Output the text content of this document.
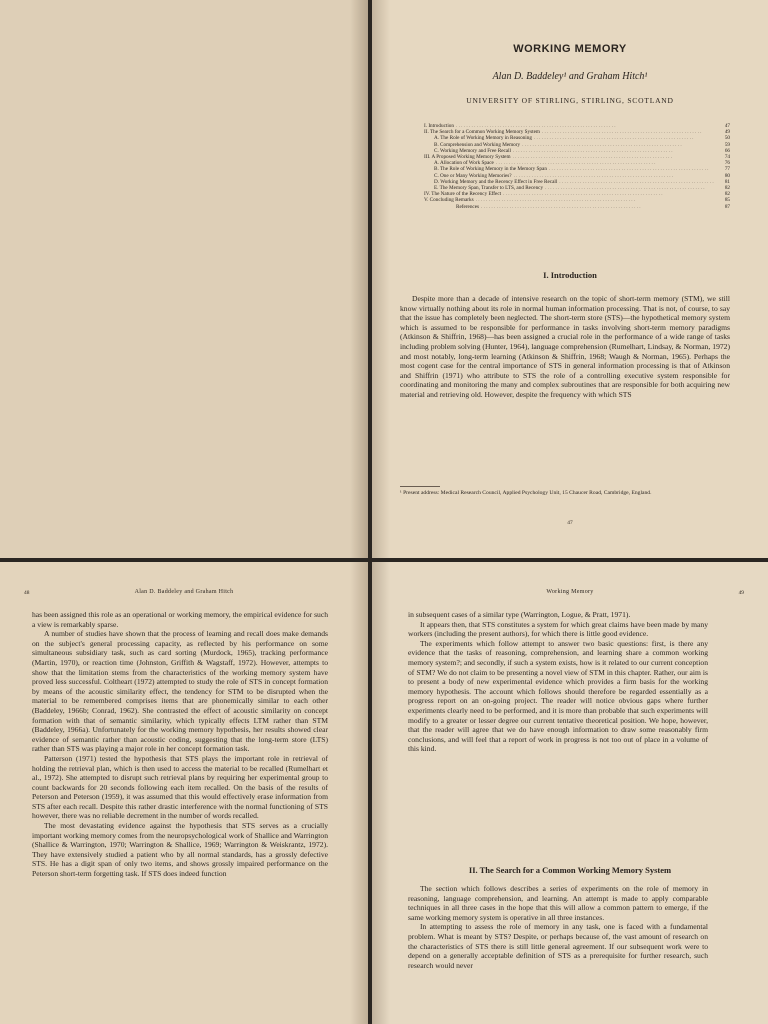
WORKING MEMORY
Alan D. Baddeley¹ and Graham Hitch¹
UNIVERSITY OF STIRLING, STIRLING, SCOTLAND
I. Introduction . . .	47
II. The Search for a Common Working Memory System . . .	49
A. The Role of Working Memory in Reasoning . . .	50
B. Comprehension and Working Memory . . .	59
C. Working Memory and Free Recall . . .	66
III. A Proposed Working Memory System . . .	74
A. Allocation of Work Space . . .	76
B. The Role of Working Memory in the Memory Span . . .	77
C. One or Many Working Memories? . . .	80
D. Working Memory and the Recency Effect in Free Recall . . .	81
E. The Memory Span, Transfer to LTS, and Recency . . .	82
IV. The Nature of the Recency Effect . . .	82
V. Concluding Remarks . . .	85
References . . .	87
I. Introduction

Despite more than a decade of intensive research on the topic of short-term memory (STM), we still know virtually nothing about its role in normal human information processing. That is not, of course, to say that the issue has completely been neglected. The short-term store (STS)—the hypothetical memory system which is assumed to be responsible for performance in tasks involving short-term memory paradigms (Atkinson & Shiffrin, 1968)—has been assigned a crucial role in the performance of a wide range of tasks including problem solving (Hunter, 1964), language comprehension (Rumelhart, Lindsay, & Norman, 1972) and most notably, long-term learning (Atkinson & Shiffrin, 1968; Waugh & Norman, 1965). Perhaps the most cogent case for the central importance of STS in general information processing is that of Atkinson and Shiffrin (1971) who attribute to STS the role of a controlling executive system responsible for coordinating and monitoring the many and complex subroutines that are responsible for both acquiring new material and retrieving old. However, despite the frequency with which STS

¹ Present address: Medical Research Council, Applied Psychology Unit, 15 Chaucer Road, Cambridge, England.
47
48	Alan D. Baddeley and Graham Hitch

has been assigned this role as an operational or working memory, the empirical evidence for such a view is remarkably sparse.

A number of studies have shown that the process of learning and recall does make demands on the subject's general processing capacity, as reflected by his performance on some simultaneous subsidiary task, such as card sorting (Murdock, 1965), tracking performance (Martin, 1970), or reaction time (Johnston, Griffith & Wagstaff, 1972). However, attempts to show that the limitation stems from the characteristics of the working memory system have proved less successful. Coltheart (1972) attempted to study the role of STS in concept formation by means of the acoustic similarity effect, the tendency for STM to be disrupted when the material to be remembered comprises items that are phonemically similar to each other (Baddeley, 1966b; Conrad, 1962). She contrasted the effect of acoustic similarity on concept formation with that of semantic similarity, which typically effects LTM rather than STM (Baddeley, 1966a). Unfortunately for the working memory hypothesis, her results showed clear evidence of semantic rather than acoustic coding, suggesting that the long-term store (LTS) rather than STS was playing a major role in her concept formation task.

Patterson (1971) tested the hypothesis that STS plays the important role in retrieval of holding the retrieval plan, which is then used to access the material to be recalled (Rumelhart et al., 1972). She attempted to disrupt such retrieval plans by requiring her experimental group to count backwards for 20 seconds following each item recalled. On the basis of the results of Peterson and Peterson (1959), it was assumed that this would effectively erase information from STS after each recall. Despite this rather drastic interference with the normal functioning of STS however, there was no reliable decrement in the number of words recalled.

The most devastating evidence against the hypothesis that STS serves as a crucially important working memory comes from the neuropsychological work of Shallice and Warrington (Shallice & Warrington, 1970; Warrington & Shallice, 1969; Warrington & Weiskrantz, 1972). They have extensively studied a patient who by all normal standards, has a grossly defective STS. He has a digit span of only two items, and shows grossly impaired performance on the Peterson short-term forgetting task. If STS does indeed function

Working Memory	49

in subsequent cases of a similar type (Warrington, Logue, & Pratt, 1971).

It appears then, that STS constitutes a system for which great claims have been made by many workers (including the present authors), for which there is little good evidence.

The experiments which follow attempt to answer two basic questions: first, is there any evidence that the tasks of reasoning, comprehension, and learning share a common working memory system?; and secondly, if such a system exists, how is it related to our current conception of STM? We do not claim to be presenting a novel view of STM in this chapter. Rather, our aim is to present a body of new experimental evidence which provides a firm basis for the working memory hypothesis. The account which follows should therefore be regarded essentially as a progress report on an on-going project. The reader will notice obvious gaps where further experiments clearly need to be performed, and it is more than probable that such experiments will modify to a greater or lesser degree our current tentative theoretical position. We hope, however, that the reader will agree that we do have enough information to draw some reasonably firm conclusions, and will feel that a report of work in progress is not too out of place in a volume of this kind.

II. The Search for a Common Working Memory System

The section which follows describes a series of experiments on the role of memory in reasoning, language comprehension, and learning. An attempt is made to apply comparable techniques in all three cases in the hope that this will allow a common pattern to emerge, if the same working memory system is operative in all three instances.

In attempting to assess the role of memory in any task, one is faced with a fundamental problem. What is meant by STS? Despite, or perhaps because of, the vast amount of research on the characteristics of STS there is still little general agreement. If our subsequent work were to depend on a generally acceptable definition of STS as a prerequisite for further research, such research would never
